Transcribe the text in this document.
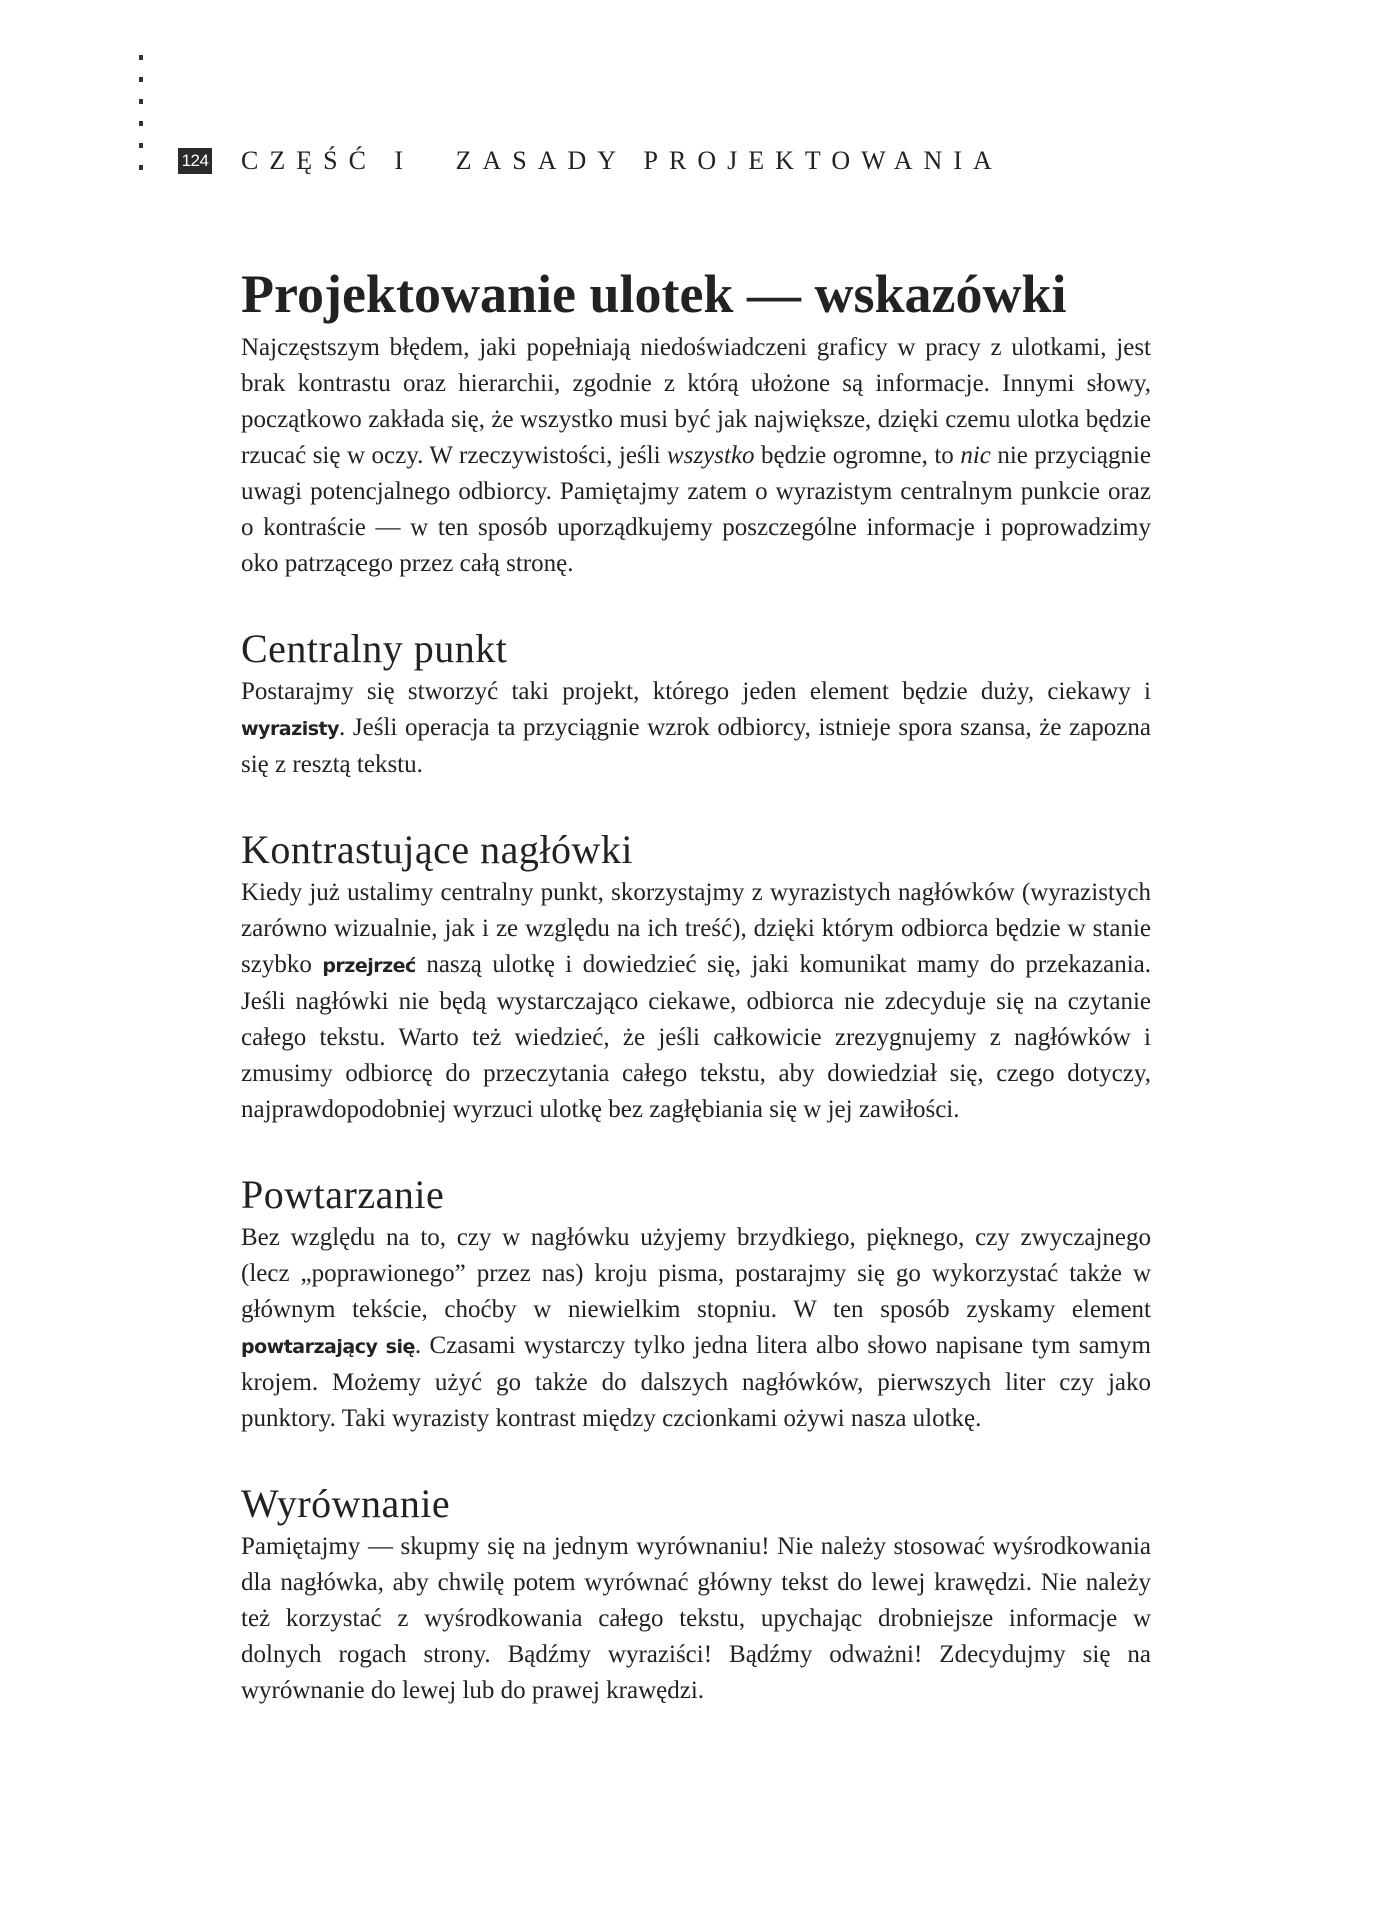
124 CZĘŚĆ I ZASADY PROJEKTOWANIA
Projektowanie ulotek — wskazówki

Najczęstszym błędem, jaki popełniają niedoświadczeni graficy w pracy z ulotkami, jest brak kontrastu oraz hierarchii, zgodnie z którą ułożone są informacje. Innymi słowy, początkowo zakłada się, że wszystko musi być jak największe, dzięki czemu ulotka będzie rzucać się w oczy. W rzeczywistości, jeśli wszystko będzie ogromne, to nic nie przyciągnie uwagi potencjalnego odbiorcy. Pamiętajmy zatem o wyrazistym centralnym punkcie oraz o kontraście — w ten sposób uporządkujemy poszczególne informacje i poprowadzimy oko patrzącego przez całą stronę.

Centralny punkt

Postarajmy się stworzyć taki projekt, którego jeden element będzie duży, ciekawy i wyrazisty. Jeśli operacja ta przyciągnie wzrok odbiorcy, istnieje spora szansa, że zapozna się z resztą tekstu.

Kontrastujące nagłówki

Kiedy już ustalimy centralny punkt, skorzystajmy z wyrazistych nagłówków (wyrazistych zarówno wizualnie, jak i ze względu na ich treść), dzięki którym odbiorca będzie w stanie szybko przejrzeć naszą ulotkę i dowiedzieć się, jaki komunikat mamy do przekazania. Jeśli nagłówki nie będą wystarczająco ciekawe, odbiorca nie zdecyduje się na czytanie całego tekstu. Warto też wiedzieć, że jeśli całkowicie zrezygnujemy z nagłówków i zmusimy odbiorcę do przeczytania całego tekstu, aby dowiedział się, czego dotyczy, najprawdopodobniej wyrzuci ulotkę bez zagłębiania się w jej zawiłości.

Powtarzanie

Bez względu na to, czy w nagłówku użyjemy brzydkiego, pięknego, czy zwyczajnego (lecz „poprawionego” przez nas) kroju pisma, postarajmy się go wykorzystać także w głównym tekście, choćby w niewielkim stopniu. W ten sposób zyskamy element powtarzający się. Czasami wystarczy tylko jedna litera albo słowo napisane tym samym krojem. Możemy użyć go także do dalszych nagłówków, pierwszych liter czy jako punktory. Taki wyrazisty kontrast między czcionkami ożywi nasza ulotkę.

Wyrównanie

Pamiętajmy — skupmy się na jednym wyrównaniu! Nie należy stosować wyśrodkowania dla nagłówka, aby chwilę potem wyrównać główny tekst do lewej krawędzi. Nie należy też korzystać z wyśrodkowania całego tekstu, upychając drobniejsze informacje w dolnych rogach strony. Bądźmy wyraziści! Bądźmy odważni! Zdecydujmy się na wyrównanie do lewej lub do prawej krawędzi.
